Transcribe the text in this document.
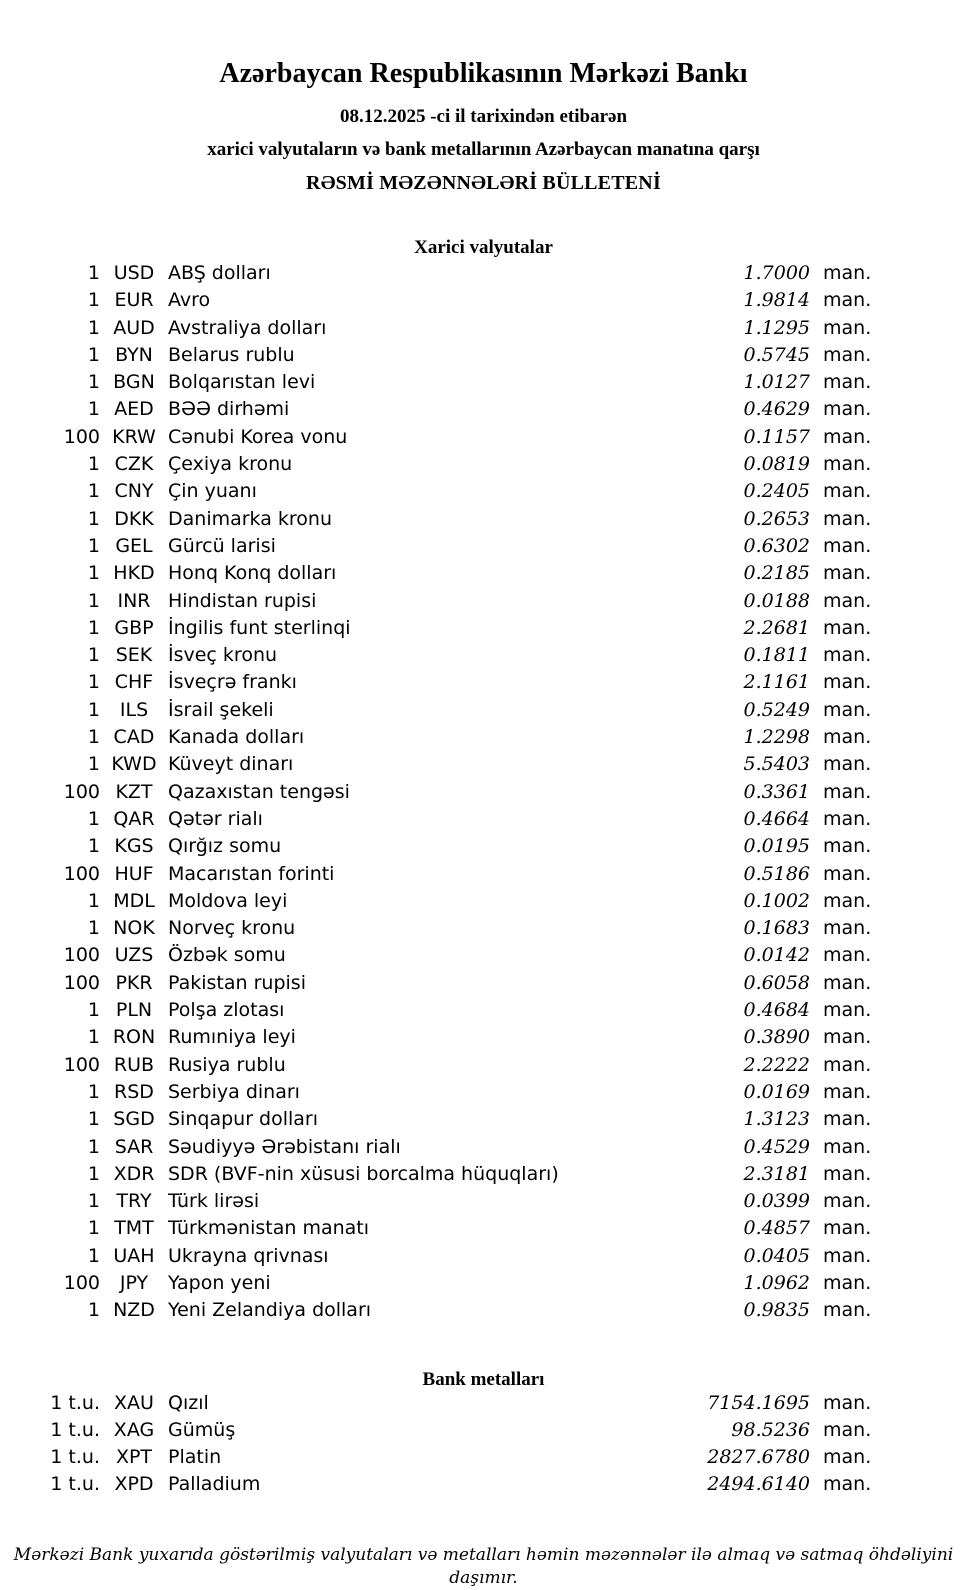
Azərbaycan Respublikasının Mərkəzi Bankı
08.12.2025 -ci il tarixindən etibarən
xarici valyutaların və bank metallarının Azərbaycan manatına qarşı
RƏSMİ MƏZƏNNƏLƏRİ BÜLLETENİ
Xarici valyutalar
1 USD ABŞ dolları	1.7000 man.
1 EUR Avro	1.9814 man.
1 AUD Avstraliya dolları	1.1295 man.
1 BYN Belarus rublu	0.5745 man.
1 BGN Bolqarıstan levi	1.0127 man.
1 AED BƏƏ dirhəmi	0.4629 man.
100 KRW Cənubi Korea vonu	0.1157 man.
1 CZK Çexiya kronu	0.0819 man.
1 CNY Çin yuanı	0.2405 man.
1 DKK Danimarka kronu	0.2653 man.
1 GEL Gürcü larisi	0.6302 man.
1 HKD Honq Konq dolları	0.2185 man.
1 INR Hindistan rupisi	0.0188 man.
1 GBP İngilis funt sterlinqi	2.2681 man.
1 SEK İsveç kronu	0.1811 man.
1 CHF İsveçrə frankı	2.1161 man.
1	ILS	İsrail şekeli	0.5249 man.
1 CAD Kanada dolları	1.2298 man.
1 KWD Küveyt dinarı	5.5403 man.
100 KZT Qazaxıstan tengəsi	0.3361 man.
1 QAR Qətər rialı	0.4664 man.
1 KGS Qırğız somu	0.0195 man.
100 HUF Macarıstan forinti	0.5186 man.
1 MDL Moldova leyi	0.1002 man.
1 NOK Norveç kronu	0.1683 man.
100 UZS Özbək somu	0.0142 man.
100 PKR Pakistan rupisi	0.6058 man.
1 PLN Polşa zlotası	0.4684 man.
1 RON Rumıniya leyi	0.3890 man.
100 RUB Rusiya rublu	2.2222 man.
1 RSD Serbiya dinarı	0.0169 man.
1 SGD Sinqapur dolları	1.3123 man.
1 SAR Səudiyyə Ərəbistanı rialı	0.4529 man.
1 XDR SDR (BVF-nin xüsusi borcalma hüquqları)	2.3181 man.
1 TRY Türk lirəsi	0.0399 man.
1 TMT Türkmənistan manatı	0.4857 man.
1 UAH Ukrayna qrivnası	0.0405 man.
100	JPY	Yapon yeni	1.0962 man.
1 NZD Yeni Zelandiya dolları	0.9835 man.
Bank metalları
1 t.u. XAU Qızıl	7154.1695 man.
1 t.u. XAG Gümüş	98.5236 man.
1 t.u. XPT Platin	2827.6780 man.
1 t.u. XPD Palladium	2494.6140 man.
Mərkəzi Bank yuxarıda göstərilmiş valyutaları və metalları həmin məzənnələr ilə almaq və satmaq öhdəliyini daşımır.
